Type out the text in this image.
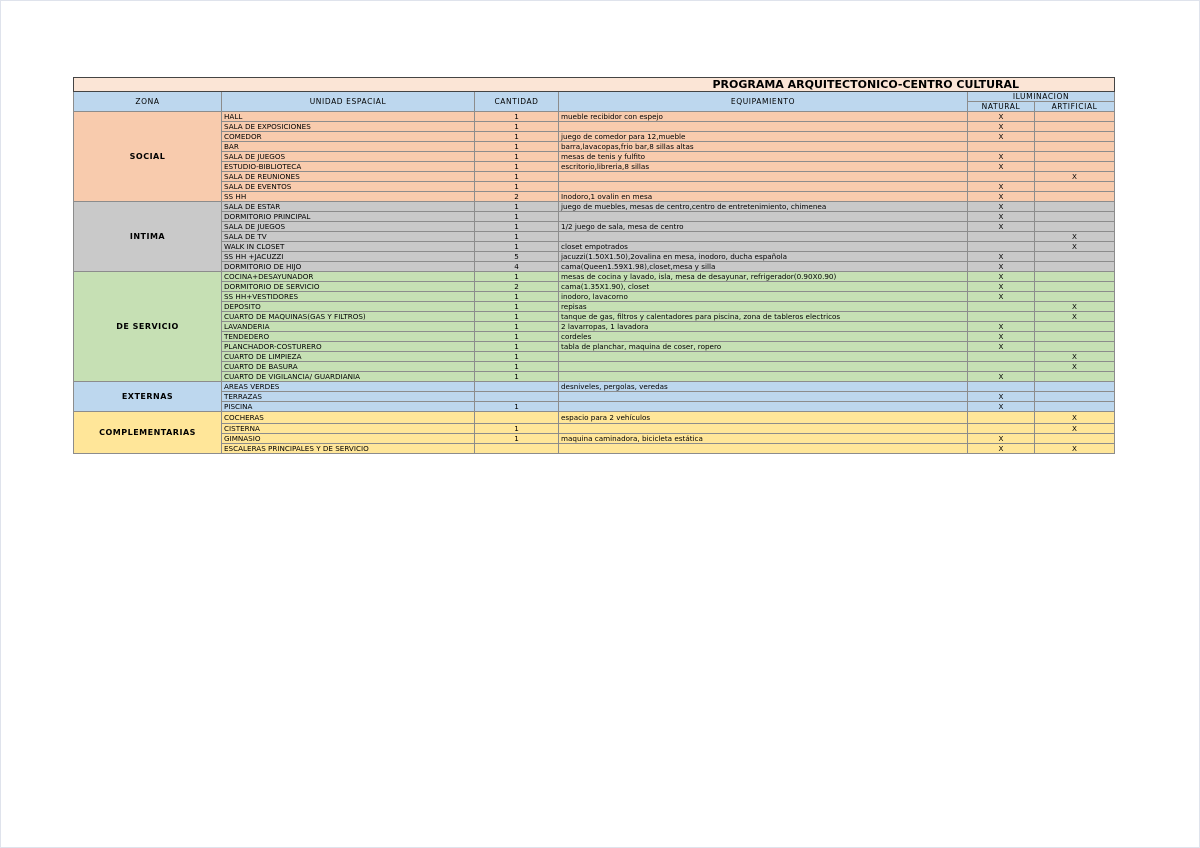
PROGRAMA ARQUITECTONICO-CENTRO CULTURAL					
ZONA	UNIDAD ESPACIAL	CANTIDAD	EQUIPAMIENTO	ILUMINACION	
				NATURAL	ARTIFICIAL
SOCIAL	HALL	1	mueble recibidor con espejo	X	
	SALA DE EXPOSICIONES	1		X	
	COMEDOR	1	juego de comedor para 12,mueble	X	
	BAR	1	barra,lavacopas,frio bar,8 sillas altas		
	SALA DE JUEGOS	1	mesas de tenis y fulfito	X	
	ESTUDIO-BIBLIOTECA	1	escritorio,libreria,8 sillas	X	
	SALA DE REUNIONES	1			X
	SALA DE EVENTOS	1		X	
	SS HH	2	Inodoro,1 ovalin en mesa	X	
INTIMA	SALA DE ESTAR	1	juego de muebles, mesas de centro,centro de entretenimiento, chimenea	X	
	DORMITORIO PRINCIPAL	1		X	
	SALA DE JUEGOS	1	1/2 juego de sala, mesa de centro	X	
	SALA DE TV	1			X
	WALK IN CLOSET	1	closet empotrados		X
	SS HH +JACUZZI	5	jacuzzi(1.50X1.50),2ovalina en mesa, inodoro, ducha española	X	
	DORMITORIO DE HIJO	4	cama(Queen1.59X1.98),closet,mesa y silla	X	
DE SERVICIO	COCINA+DESAYUNADOR	1	mesas de cocina y lavado, isla, mesa de desayunar, refrigerador(0.90X0.90)	X	
	DORMITORIO DE SERVICIO	2	cama(1.35X1.90), closet	X	
	SS HH+VESTIDORES	1	inodoro, lavacorno	X	
	DEPOSITO	1	repisas		X
	CUARTO DE MAQUINAS(GAS Y FILTROS)	1	tanque de gas, filtros y calentadores para piscina, zona de tableros electricos		X
	LAVANDERIA	1	2 lavarropas, 1 lavadora	X	
	TENDEDERO	1	cordeles	X	
	PLANCHADOR-COSTURERO	1	tabla de planchar, maquina de coser, ropero	X	
	CUARTO DE LIMPIEZA	1			X
	CUARTO DE BASURA	1			X
	CUARTO DE VIGILANCIA/ GUARDIANIA	1		X	
EXTERNAS	AREAS VERDES		desniveles, pergolas, veredas		
	TERRAZAS			X	
	PISCINA	1		X	
COMPLEMENTARIAS	COCHERAS		espacio para 2 vehículos		X
	CISTERNA	1			X
	GIMNASIO	1	maquina caminadora, bicicleta estática	X	
	ESCALERAS PRINCIPALES Y DE SERVICIO			X	X
